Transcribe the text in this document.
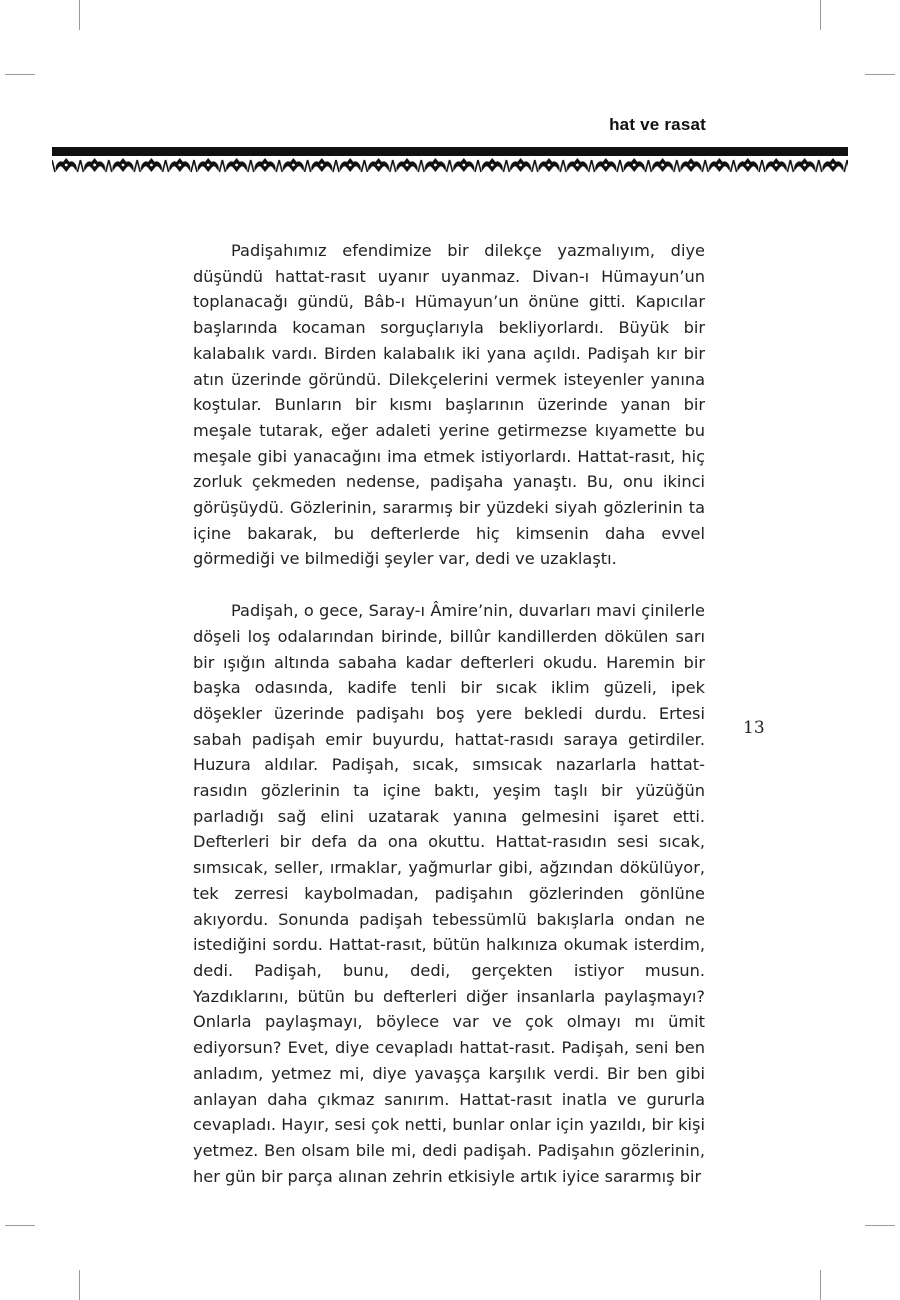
hat ve rasat

Padişahımız efendimize bir dilekçe yazmalıyım, diye düşündü hattat-rasıt uyanır uyanmaz. Divan-ı Hümayun’un toplanacağı gündü, Bâb-ı Hümayun’un önüne gitti. Kapıcılar başlarında kocaman sorguçlarıyla bekliyorlardı. Büyük bir kalabalık vardı. Birden kalabalık iki yana açıldı. Padişah kır bir atın üzerinde göründü. Dilekçelerini vermek isteyenler yanına koştular. Bunların bir kısmı başlarının üzerinde yanan bir meşale tutarak, eğer adaleti yerine getirmezse kıyamette bu meşale gibi yanacağını ima etmek istiyorlardı. Hattat-rasıt, hiç zorluk çekmeden nedense, padişaha yanaştı. Bu, onu ikinci görüşüydü. Gözlerinin, sararmış bir yüzdeki siyah gözlerinin ta içine bakarak, bu defterlerde hiç kimsenin daha evvel görmediği ve bilmediği şeyler var, dedi ve uzaklaştı.

Padişah, o gece, Saray-ı Âmire’nin, duvarları mavi çinilerle döşeli loş odalarından birinde, billûr kandillerden dökülen sarı bir ışığın altında sabaha kadar defterleri okudu. Haremin bir başka odasında, kadife tenli bir sıcak iklim güzeli, ipek döşekler üzerinde padişahı boş yere bekledi durdu. Ertesi sabah padişah emir buyurdu, hattat-rasıdı saraya getirdiler. Huzura aldılar. Padişah, sıcak, sımsıcak nazarlarla hattat-rasıdın gözlerinin ta içine baktı, yeşim taşlı bir yüzüğün parladığı sağ elini uzatarak yanına gelmesini işaret etti. Defterleri bir defa da ona okuttu. Hattat-rasıdın sesi sıcak, sımsıcak, seller, ırmaklar, yağmurlar gibi, ağzından dökülüyor, tek zerresi kaybolmadan, padişahın gözlerinden gönlüne akıyordu. Sonunda padişah tebessümlü bakışlarla ondan ne istediğini sordu. Hattat-rasıt, bütün halkınıza okumak isterdim, dedi. Padişah, bunu, dedi, gerçekten istiyor musun. Yazdıklarını, bütün bu defterleri diğer insanlarla paylaşmayı? Onlarla paylaşmayı, böylece var ve çok olmayı mı ümit ediyorsun? Evet, diye cevapladı hattat-rasıt. Padişah, seni ben anladım, yetmez mi, diye yavaşça karşılık verdi. Bir ben gibi anlayan daha çıkmaz sanırım. Hattat-rasıt inatla ve gururla cevapladı. Hayır, sesi çok netti, bunlar onlar için yazıldı, bir kişi yetmez. Ben olsam bile mi, dedi padişah. Padişahın gözlerinin, her gün bir parça alınan zehrin etkisiyle artık iyice sararmış bir

13
